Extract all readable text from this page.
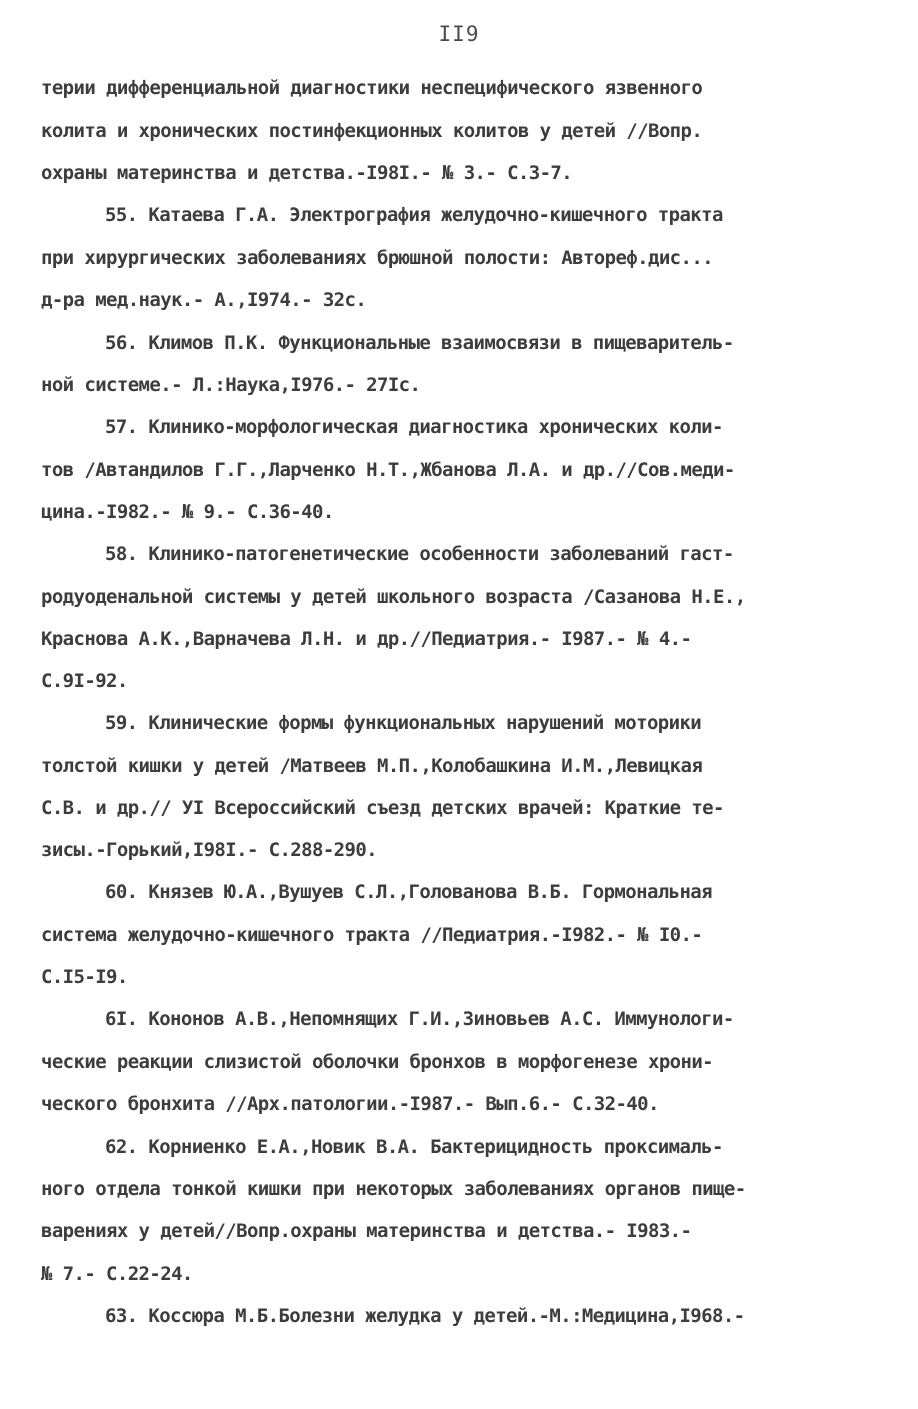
II9
терии дифференциальной диагностики неспецифического язвенного
колита и хронических постинфекционных колитов у детей //Вопр.
охраны материнства и детства.-I98I.- № 3.- С.3-7.
55. Катаева Г.А. Электрография желудочно-кишечного тракта
при хирургических заболеваниях брюшной полости: Автореф.дис...
д-ра мед.наук.- А.,I974.- 32с.
56. Климов П.К. Функциональные взаимосвязи в пищеваритель-
ной системе.- Л.:Наука,I976.- 27Iс.
57. Клинико-морфологическая диагностика хронических коли-
тов /Автандилов Г.Г.,Ларченко Н.Т.,Жбанова Л.А. и др.//Сов.меди-
цина.-I982.- № 9.- С.36-40.
58. Клинико-патогенетические особенности заболеваний гаст-
родуоденальной системы у детей школьного возраста /Сазанова Н.Е.,
Краснова А.К.,Варначева Л.Н. и др.//Педиатрия.- I987.- № 4.-
С.9I-92.
59. Клинические формы функциональных нарушений моторики
толстой кишки у детей /Матвеев М.П.,Колобашкина И.М.,Левицкая
С.В. и др.// УI Всероссийский съезд детских врачей: Краткие те-
зисы.-Горький,I98I.- С.288-290.
60. Князев Ю.А.,Вушуев С.Л.,Голованова В.Б. Гормональная
система желудочно-кишечного тракта //Педиатрия.-I982.- № I0.-
С.I5-I9.
6I. Кононов А.В.,Непомнящих Г.И.,Зиновьев А.С. Иммунологи-
ческие реакции слизистой оболочки бронхов в морфогенезе хрони-
ческого бронхита //Арх.патологии.-I987.- Вып.6.- С.32-40.
62. Корниенко Е.А.,Новик В.А. Бактерицидность проксималь-
ного отдела тонкой кишки при некоторых заболеваниях органов пище-
варениях у детей//Вопр.охраны материнства и детства.- I983.-
№ 7.- С.22-24.
63. Коссюра М.Б.Болезни желудка у детей.-М.:Медицина,I968.-
